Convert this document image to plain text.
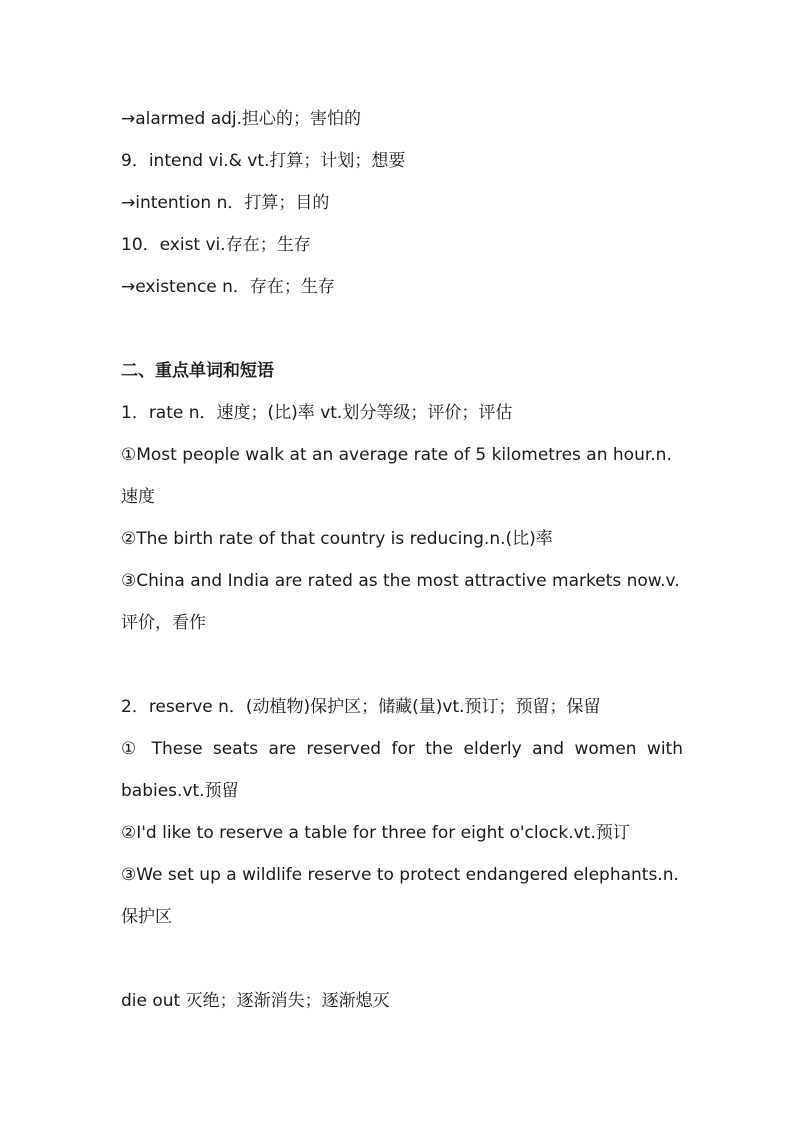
→alarmed adj.担心的；害怕的
9．intend vi.& vt.打算；计划；想要
→intention n．打算；目的
10．exist vi.存在；生存
→existence n．存在；生存
二、重点单词和短语
1．rate n．速度；(比)率 vt.划分等级；评价；评估
①Most people walk at an average rate of 5 kilometres an hour.n.
速度
②The birth rate of that country is reducing.n.(比)率
③China and India are rated as the most attractive markets now.v.
评价，看作
2．reserve n．(动植物)保护区；储藏(量)vt.预订；预留；保留
① These seats are reserved for the elderly and women with
babies.vt.预留
②I'd like to reserve a table for three for eight o'clock.vt.预订
③We set up a wildlife reserve to protect endangered elephants.n.
保护区
die out 灭绝；逐渐消失；逐渐熄灭
